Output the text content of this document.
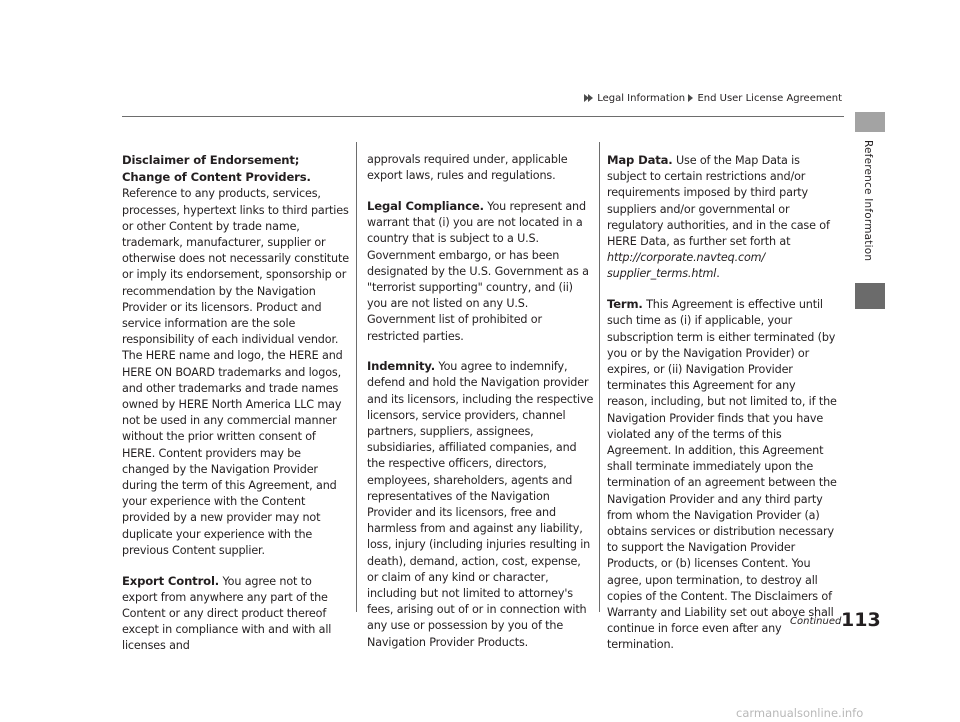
Legal Information End User License Agreement
Reference Information

Disclaimer of Endorsement; Change of Content Providers. Reference to any products, services, processes, hypertext links to third parties or other Content by trade name, trademark, manufacturer, supplier or otherwise does not necessarily constitute or imply its endorsement, sponsorship or recommendation by the Navigation Provider or its licensors. Product and service information are the sole responsibility of each individual vendor. The HERE name and logo, the HERE and HERE ON BOARD trademarks and logos, and other trademarks and trade names owned by HERE North America LLC may not be used in any commercial manner without the prior written consent of HERE. Content providers may be changed by the Navigation Provider during the term of this Agreement, and your experience with the Content provided by a new provider may not duplicate your experience with the previous Content supplier.

Export Control. You agree not to export from anywhere any part of the Content or any direct product thereof except in compliance with and with all licenses and

approvals required under, applicable export laws, rules and regulations.

Legal Compliance. You represent and warrant that (i) you are not located in a country that is subject to a U.S. Government embargo, or has been designated by the U.S. Government as a "terrorist supporting" country, and (ii) you are not listed on any U.S. Government list of prohibited or restricted parties.

Indemnity. You agree to indemnify, defend and hold the Navigation provider and its licensors, including the respective licensors, service providers, channel partners, suppliers, assignees, subsidiaries, affiliated companies, and the respective officers, directors, employees, shareholders, agents and representatives of the Navigation Provider and its licensors, free and harmless from and against any liability, loss, injury (including injuries resulting in death), demand, action, cost, expense, or claim of any kind or character, including but not limited to attorney's fees, arising out of or in connection with any use or possession by you of the Navigation Provider Products.

Map Data. Use of the Map Data is subject to certain restrictions and/or requirements imposed by third party suppliers and/or governmental or regulatory authorities, and in the case of HERE Data, as further set forth at http://corporate.navteq.com/ supplier_terms.html.

Term. This Agreement is effective until such time as (i) if applicable, your subscription term is either terminated (by you or by the Navigation Provider) or expires, or (ii) Navigation Provider terminates this Agreement for any reason, including, but not limited to, if the Navigation Provider finds that you have violated any of the terms of this Agreement. In addition, this Agreement shall terminate immediately upon the termination of an agreement between the Navigation Provider and any third party from whom the Navigation Provider (a) obtains services or distribution necessary to support the Navigation Provider Products, or (b) licenses Content. You agree, upon termination, to destroy all copies of the Content. The Disclaimers of Warranty and Liability set out above shall continue in force even after any termination.

Continued 113
carmanualsonline.info
